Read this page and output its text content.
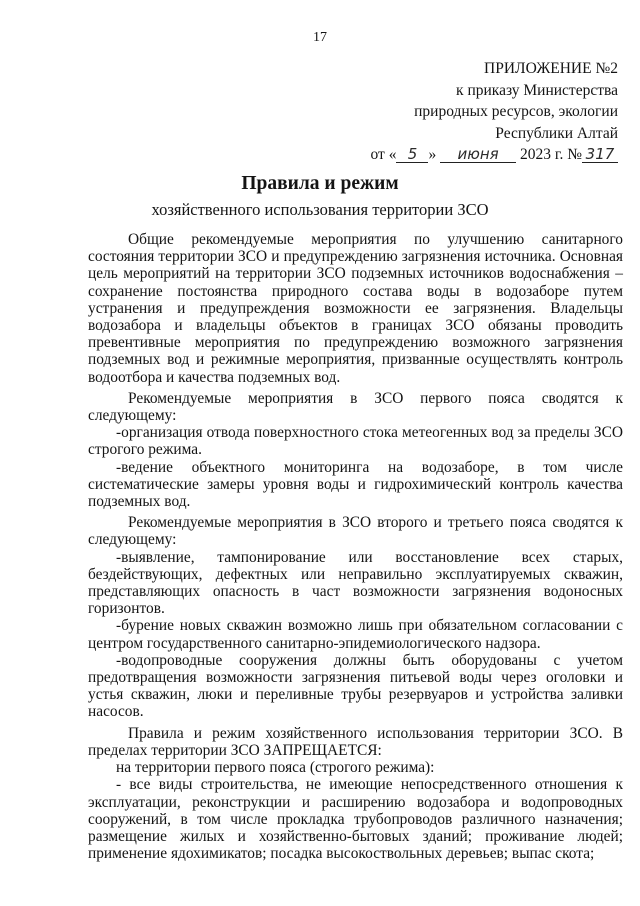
17
ПРИЛОЖЕНИЕ №2
к приказу Министерства
природных ресурсов, экологии
Республики Алтай
от « 5 » июня 2023 г. № 317
Правила и режим
хозяйственного использования территории ЗСО

Общие рекомендуемые мероприятия по улучшению санитарного состояния территории ЗСО и предупреждению загрязнения источника. Основная цель мероприятий на территории ЗСО подземных источников водоснабжения – сохранение постоянства природного состава воды в водозаборе путем устранения и предупреждения возможности ее загрязнения. Владельцы водозабора и владельцы объектов в границах ЗСО обязаны проводить превентивные мероприятия по предупреждению возможного загрязнения подземных вод и режимные мероприятия, призванные осуществлять контроль водоотбора и качества подземных вод.

Рекомендуемые мероприятия в ЗСО первого пояса сводятся к следующему:

-организация отвода поверхностного стока метеогенных вод за пределы ЗСО строгого режима.

-ведение объектного мониторинга на водозаборе, в том числе систематические замеры уровня воды и гидрохимический контроль качества подземных вод.

Рекомендуемые мероприятия в ЗСО второго и третьего пояса сводятся к следующему:

-выявление, тампонирование или восстановление всех старых, бездействующих, дефектных или неправильно эксплуатируемых скважин, представляющих опасность в част возможности загрязнения водоносных горизонтов.

-бурение новых скважин возможно лишь при обязательном согласовании с центром государственного санитарно-эпидемиологического надзора.

-водопроводные сооружения должны быть оборудованы с учетом предотвращения возможности загрязнения питьевой воды через оголовки и устья скважин, люки и переливные трубы резервуаров и устройства заливки насосов.

Правила и режим хозяйственного использования территории ЗСО. В пределах территории ЗСО ЗАПРЕЩАЕТСЯ:

на территории первого пояса (строгого режима):

- все виды строительства, не имеющие непосредственного отношения к эксплуатации, реконструкции и расширению водозабора и водопроводных сооружений, в том числе прокладка трубопроводов различного назначения; размещение жилых и хозяйственно-бытовых зданий; проживание людей; применение ядохимикатов; посадка высокоствольных деревьев; выпас скота;
